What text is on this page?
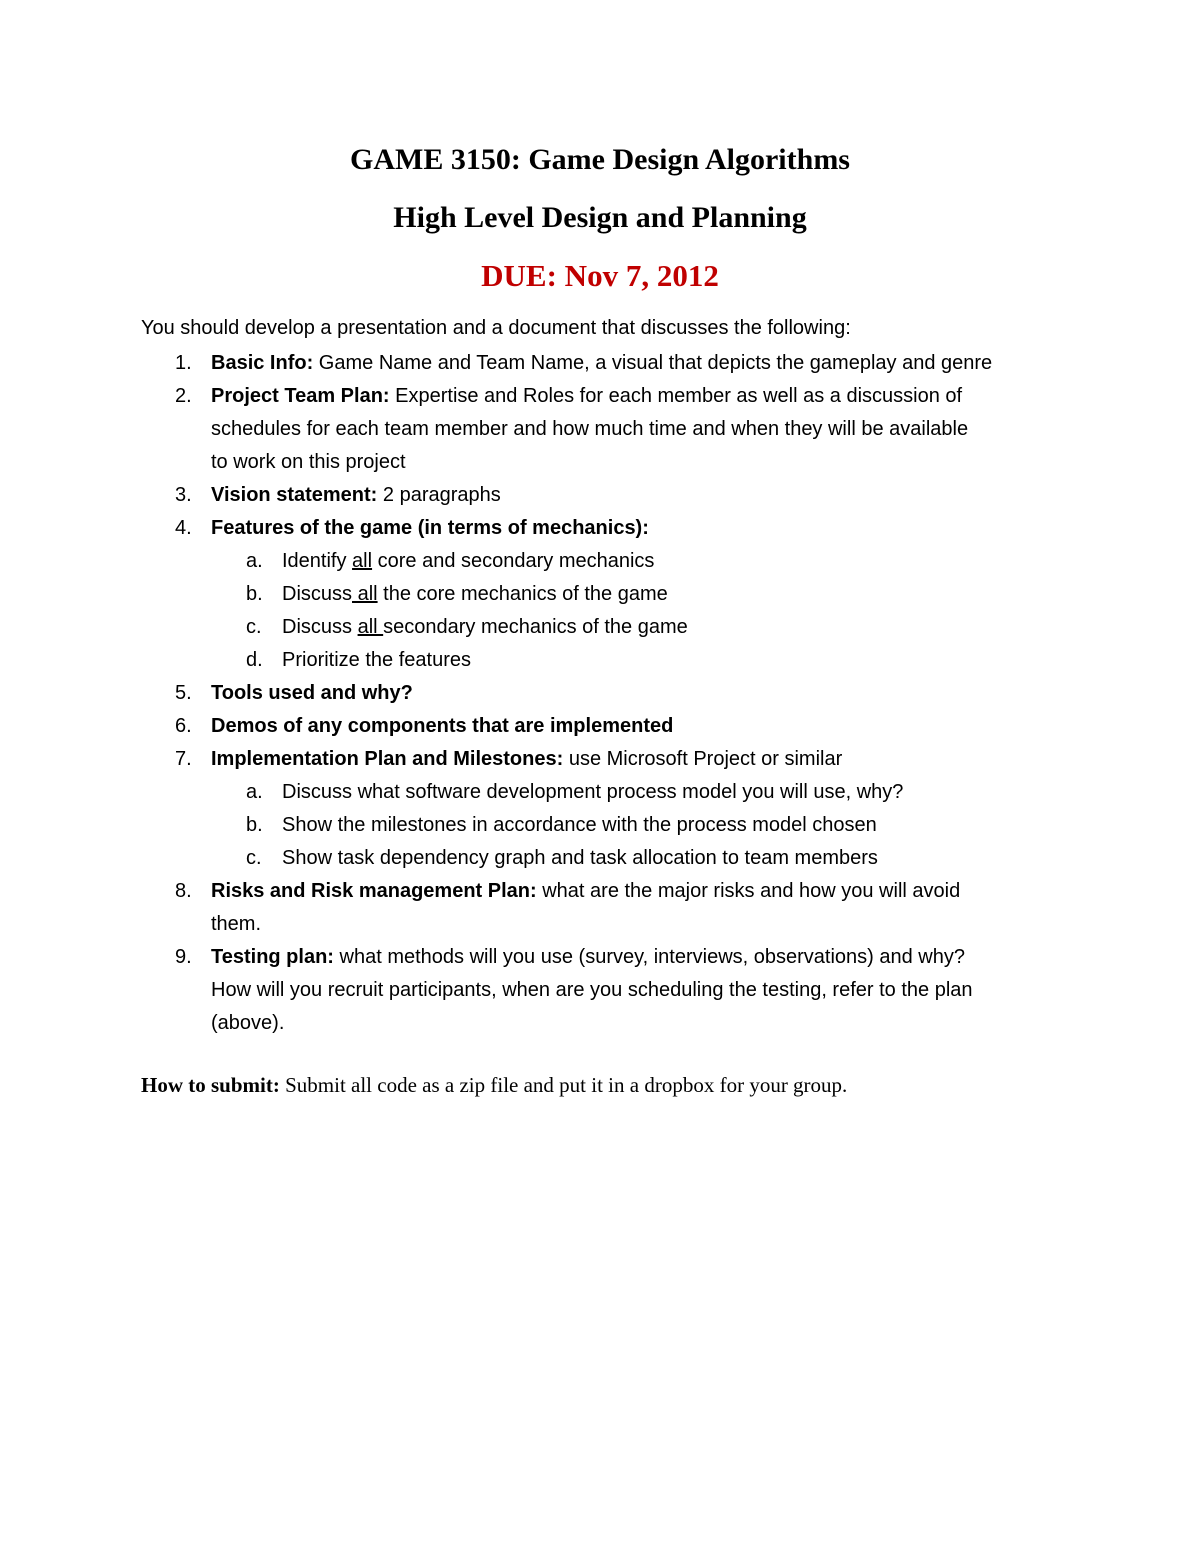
GAME 3150: Game Design Algorithms
High Level Design and Planning
DUE: Nov 7, 2012
You should develop a presentation and a document that discusses the following:
1. Basic Info: Game Name and Team Name, a visual that depicts the gameplay and genre
2. Project Team Plan: Expertise and Roles for each member as well as a discussion of
schedules for each team member and how much time and when they will be available
to work on this project
3. Vision statement: 2 paragraphs
4. Features of the game (in terms of mechanics):
a. Identify all core and secondary mechanics
b. Discuss all the core mechanics of the game
c. Discuss all secondary mechanics of the game
d. Prioritize the features
5. Tools used and why?
6. Demos of any components that are implemented
7. Implementation Plan and Milestones: use Microsoft Project or similar
a. Discuss what software development process model you will use, why?
b. Show the milestones in accordance with the process model chosen
c. Show task dependency graph and task allocation to team members
8. Risks and Risk management Plan: what are the major risks and how you will avoid
them.
9. Testing plan: what methods will you use (survey, interviews, observations) and why?
How will you recruit participants, when are you scheduling the testing, refer to the plan
(above).
How to submit: Submit all code as a zip file and put it in a dropbox for your group.
